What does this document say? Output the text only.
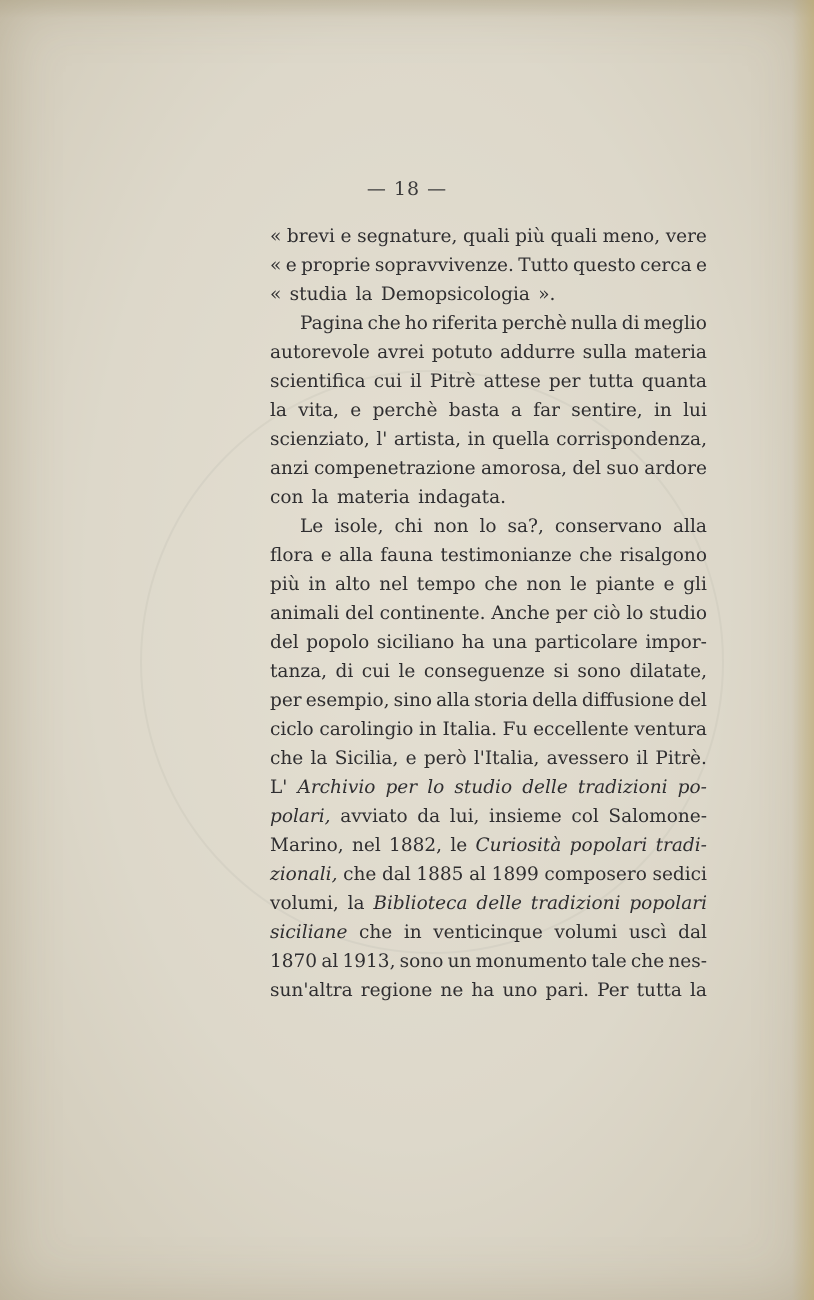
— 18 —
« brevi e segnature, quali più quali meno, vere
« e proprie sopravvivenze. Tutto questo cerca e
« studia la Demopsicologia ».
Pagina che ho riferita perchè nulla di meglio
autorevole avrei potuto addurre sulla materia
scientifica cui il Pitrè attese per tutta quanta
la vita, e perchè basta a far sentire, in lui
scienziato, l' artista, in quella corrispondenza,
anzi compenetrazione amorosa, del suo ardore
con la materia indagata.
Le isole, chi non lo sa?, conservano alla
flora e alla fauna testimonianze che risalgono
più in alto nel tempo che non le piante e gli
animali del continente. Anche per ciò lo studio
del popolo siciliano ha una particolare impor-
tanza, di cui le conseguenze si sono dilatate,
per esempio, sino alla storia della diffusione del
ciclo carolingio in Italia. Fu eccellente ventura
che la Sicilia, e però l'Italia, avessero il Pitrè.
L' Archivio per lo studio delle tradizioni po-
polari, avviato da lui, insieme col Salomone-
Marino, nel 1882, le Curiosità popolari tradi-
zionali, che dal 1885 al 1899 composero sedici
volumi, la Biblioteca delle tradizioni popolari
siciliane che in venticinque volumi uscì dal
1870 al 1913, sono un monumento tale che nes-
sun'altra regione ne ha uno pari. Per tutta la
